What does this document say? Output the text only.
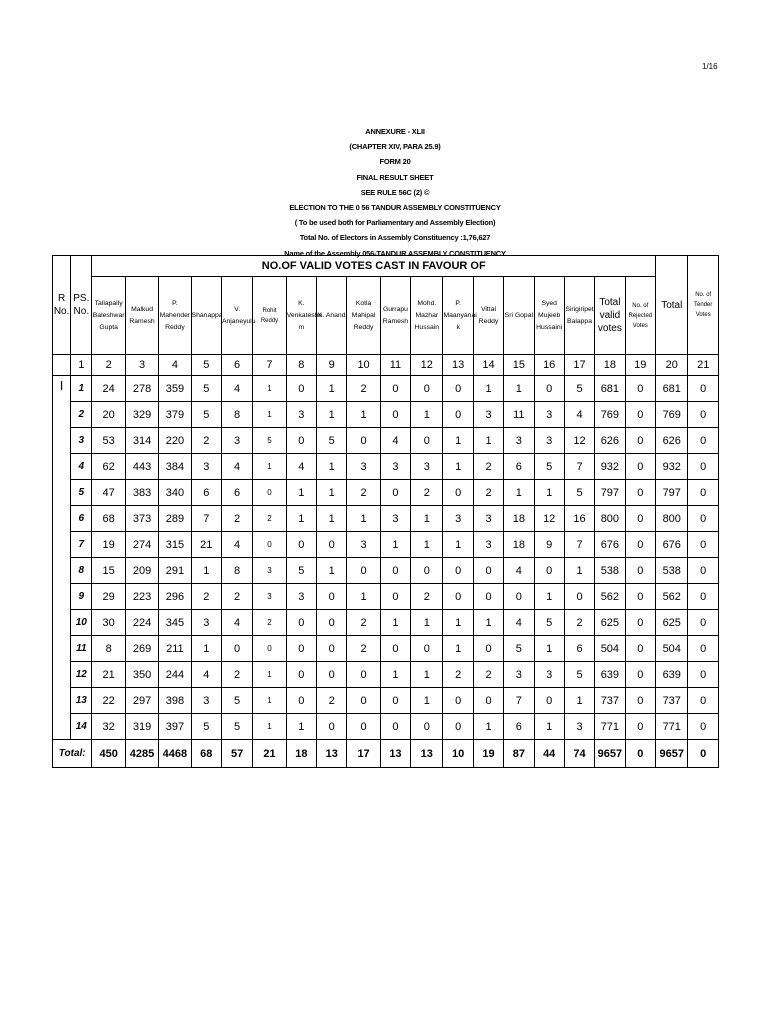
1/16
ANNEXURE - XLII
(CHAPTER XIV, PARA 25.9)
FORM 20
FINAL RESULT SHEET
SEE RULE 56C (2) ©
ELECTION TO THE 0 56 TANDUR ASSEMBLY CONSTITUENCY
( To be used both for Parliamentary and Assembly Election)
Total No. of Electors in Assembly Constituency :1,76,627
Name of the Assembly 056-TANDUR ASSEMBLY CONSTITUENCY
R No.	PS. No.	NO.OF VALID VOTES CAST IN FAVOUR OF																		Total	No. of Tender Votes
		Tallapally Baleshwar Gupta	Malkud Ramesh	P. Mahender Reddy	Shanappa	V. Anjaneyulu	Rohit Reddy	K. Venkatesha m	K. Anand	Kotla Mahipal Reddy	Gurrapu Ramesh	Mohd. Mazhar Hussain	P. Maanyanai k	Vittal Reddy	Sri Gopal	Syed Mujeeb Hussaini	Sirigiripet Balappa	Total valid votes	No. of Rejected Votes		
	1	2	3	4	5	6	7	8	9	10	11	12	13	14	15	16	17	18	19	20	21
I	1	24	278	359	5	4	1	0	1	2	0	0	0	1	1	0	5	681	0	681	0
	2	20	329	379	5	8	1	3	1	1	0	1	0	3	11	3	4	769	0	769	0
	3	53	314	220	2	3	5	0	5	0	4	0	1	1	3	3	12	626	0	626	0
	4	62	443	384	3	4	1	4	1	3	3	3	1	2	6	5	7	932	0	932	0
	5	47	383	340	6	6	0	1	1	2	0	2	0	2	1	1	5	797	0	797	0
	6	68	373	289	7	2	2	1	1	1	3	1	3	3	18	12	16	800	0	800	0
	7	19	274	315	21	4	0	0	0	3	1	1	1	3	18	9	7	676	0	676	0
	8	15	209	291	1	8	3	5	1	0	0	0	0	0	4	0	1	538	0	538	0
	9	29	223	296	2	2	3	3	0	1	0	2	0	0	0	1	0	562	0	562	0
	10	30	224	345	3	4	2	0	0	2	1	1	1	1	4	5	2	625	0	625	0
	11	8	269	211	1	0	0	0	0	2	0	0	1	0	5	1	6	504	0	504	0
	12	21	350	244	4	2	1	0	0	0	1	1	2	2	3	3	5	639	0	639	0
	13	22	297	398	3	5	1	0	2	0	0	1	0	0	7	0	1	737	0	737	0
	14	32	319	397	5	5	1	1	0	0	0	0	0	1	6	1	3	771	0	771	0
Total:		450	4285	4468	68	57	21	18	13	17	13	13	10	19	87	44	74	9657	0	9657	0
